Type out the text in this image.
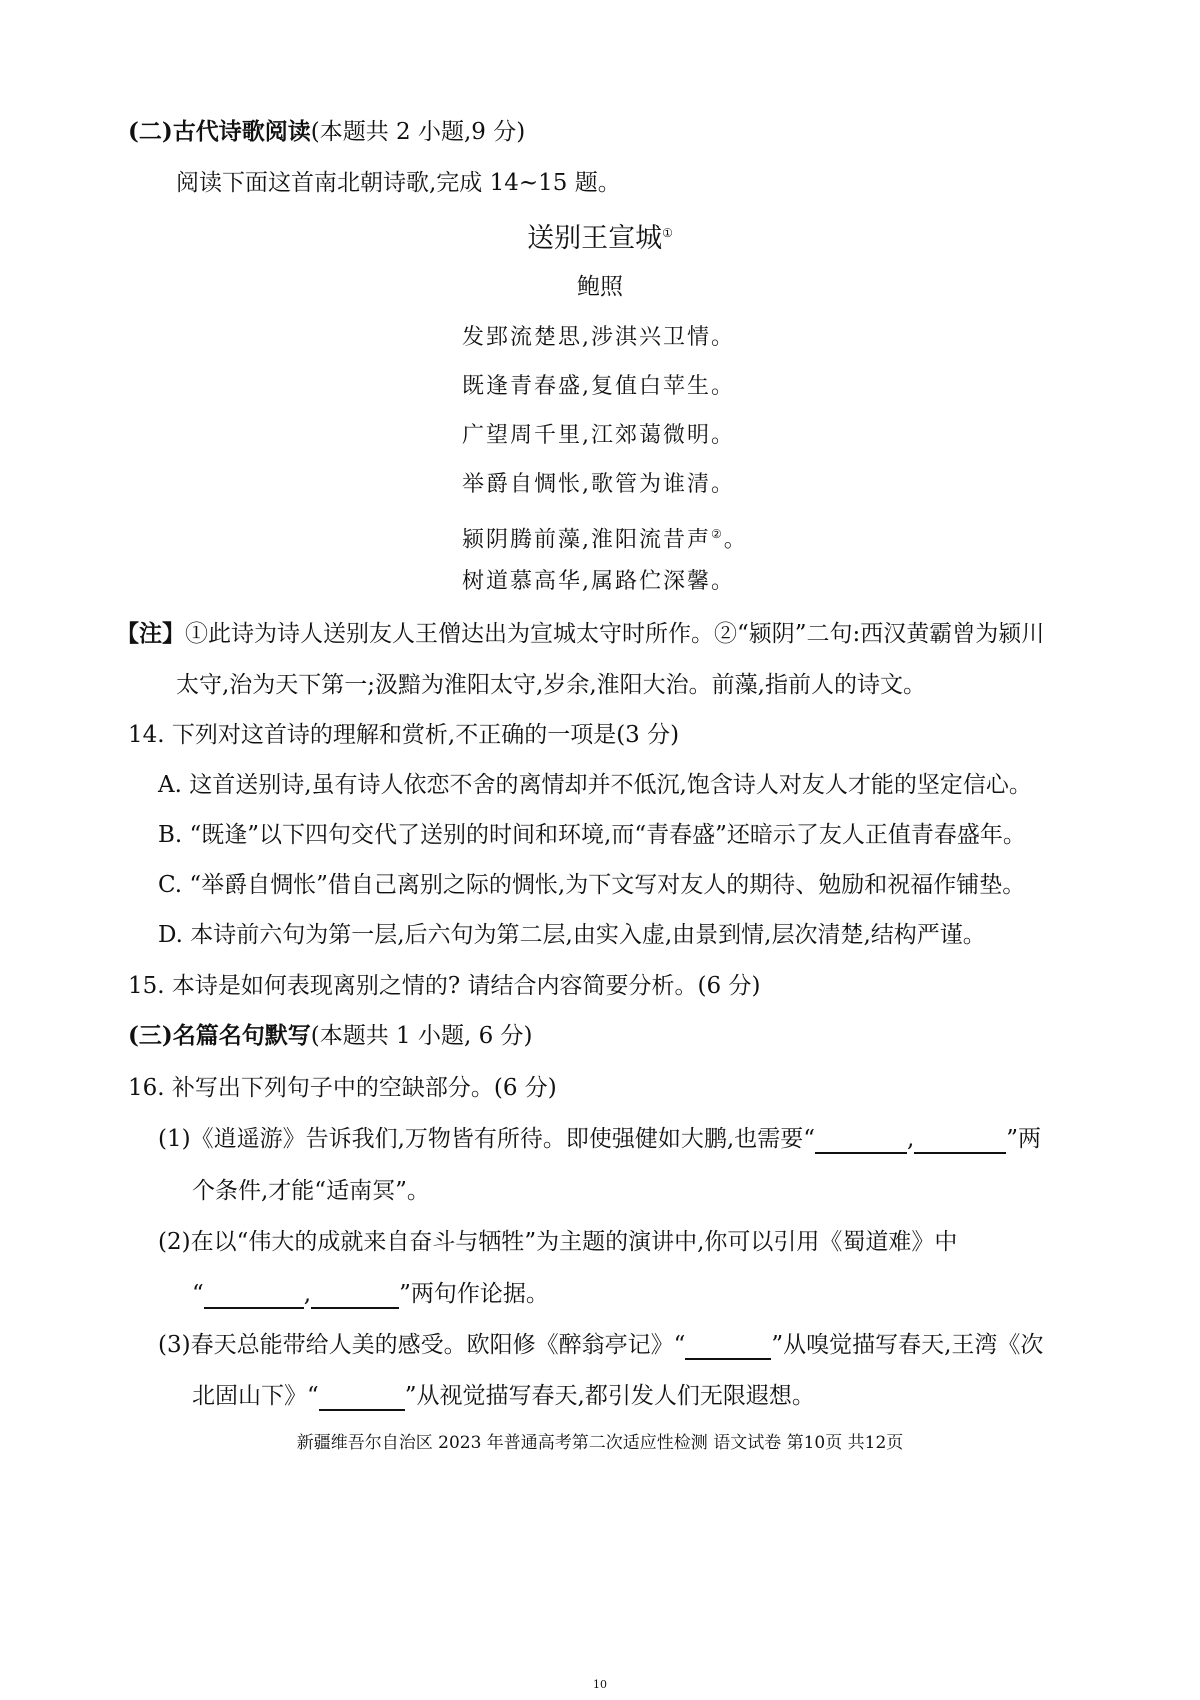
(二)古代诗歌阅读(本题共 2 小题,9 分)
阅读下面这首南北朝诗歌,完成 14~15 题。
送别王宣城①
鲍照
发郢流楚思,涉淇兴卫情。
既逢青春盛,复值白苹生。
广望周千里,江郊蔼微明。
举爵自惆怅,歌管为谁清。
颍阴腾前藻,淮阳流昔声②。
树道慕高华,属路伫深馨。
【注】①此诗为诗人送别友人王僧达出为宣城太守时所作。②“颍阴”二句:西汉黄霸曾为颍川
太守,治为天下第一;汲黯为淮阳太守,岁余,淮阳大治。前藻,指前人的诗文。
14. 下列对这首诗的理解和赏析,不正确的一项是(3 分)
A. 这首送别诗,虽有诗人依恋不舍的离情却并不低沉,饱含诗人对友人才能的坚定信心。
B. “既逢”以下四句交代了送别的时间和环境,而“青春盛”还暗示了友人正值青春盛年。
C. “举爵自惆怅”借自己离别之际的惆怅,为下文写对友人的期待、勉励和祝福作铺垫。
D. 本诗前六句为第一层,后六句为第二层,由实入虚,由景到情,层次清楚,结构严谨。
15. 本诗是如何表现离别之情的? 请结合内容简要分析。(6 分)
(三)名篇名句默写(本题共 1 小题, 6 分)
16. 补写出下列句子中的空缺部分。(6 分)
(1)《逍遥游》告诉我们,万物皆有所待。即使强健如大鹏,也需要“	,	”两
个条件,才能“适南冥”。
(2)在以“伟大的成就来自奋斗与牺牲”为主题的演讲中,你可以引用《蜀道难》中
“	,	”两句作论据。
(3)春天总能带给人美的感受。欧阳修《醉翁亭记》“	”从嗅觉描写春天,王湾《次
北固山下》“	”从视觉描写春天,都引发人们无限遐想。
新疆维吾尔自治区 2023 年普通高考第二次适应性检测 语文试卷 第10页 共12页
10
